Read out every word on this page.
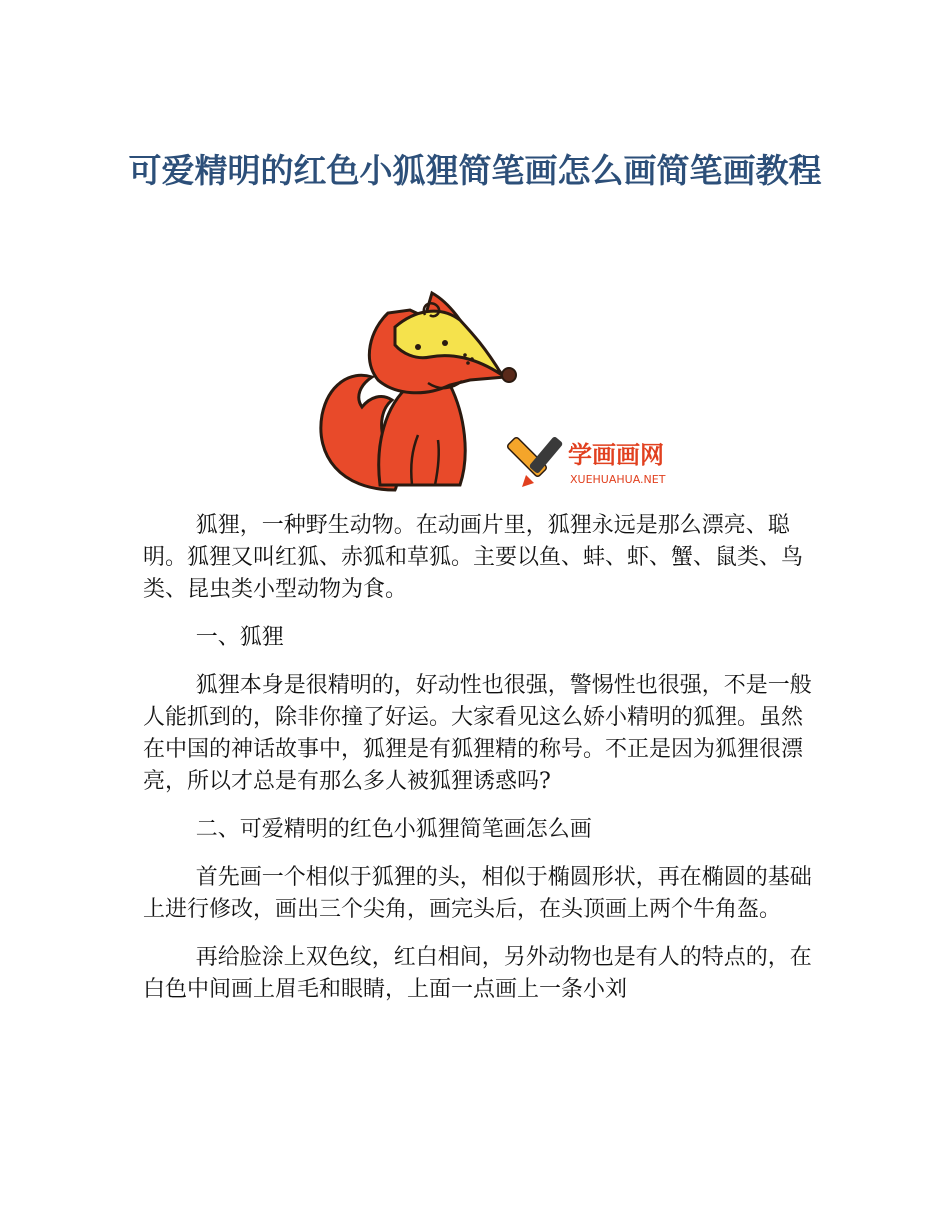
可爱精明的红色小狐狸简笔画怎么画简笔画教程
学画画网
XUEHUAHUA.NET

狐狸，一种野生动物。在动画片里，狐狸永远是那么漂亮、聪明。狐狸又叫红狐、赤狐和草狐。主要以鱼、蚌、虾、蟹、鼠类、鸟类、昆虫类小型动物为食。

一、狐狸

狐狸本身是很精明的，好动性也很强，警惕性也很强，不是一般人能抓到的，除非你撞了好运。大家看见这么娇小精明的狐狸。虽然在中国的神话故事中，狐狸是有狐狸精的称号。不正是因为狐狸很漂亮，所以才总是有那么多人被狐狸诱惑吗?

二、可爱精明的红色小狐狸简笔画怎么画

首先画一个相似于狐狸的头，相似于椭圆形状，再在椭圆的基础上进行修改，画出三个尖角，画完头后，在头顶画上两个牛角盔。

再给脸涂上双色纹，红白相间，另外动物也是有人的特点的，在白色中间画上眉毛和眼睛，上面一点画上一条小刘
